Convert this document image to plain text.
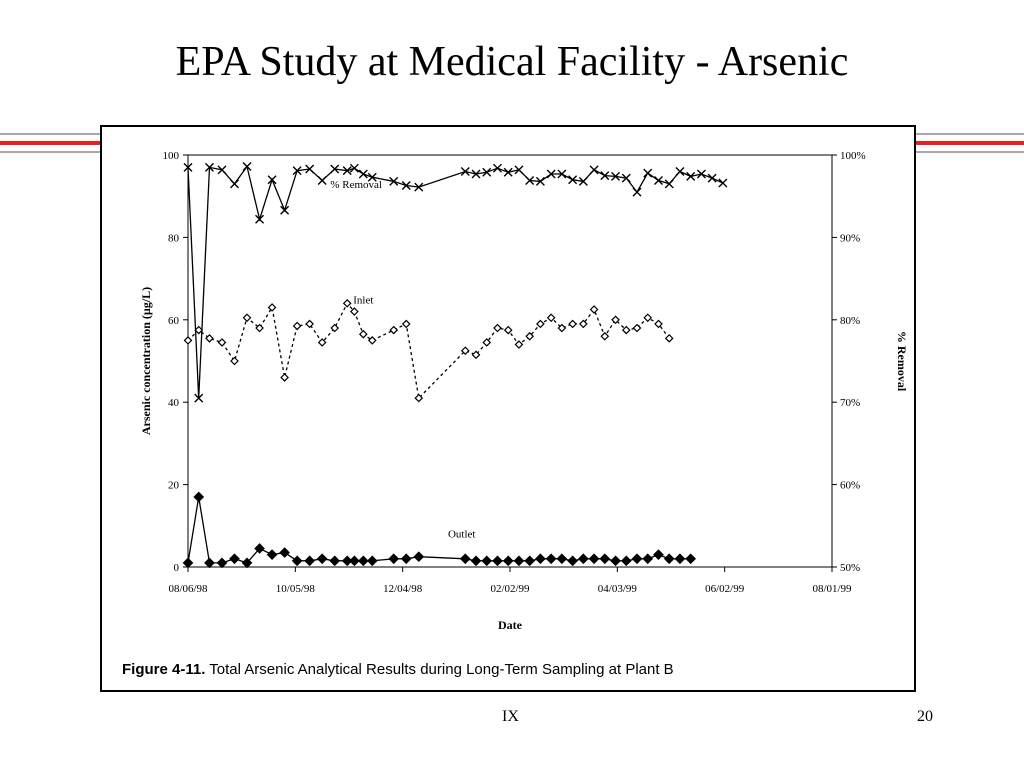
EPA Study at Medical Facility - Arsenic
0
20
40
60
80
100
50%
60%
70%
80%
90%
100%
08/06/98	10/05/98	12/04/98	02/02/99	04/03/99	06/02/99	08/01/99
Date
Arsenic concentration (µg/L)	% Removal
% Removal
Inlet
Outlet
Figure 4-11. Total Arsenic Analytical Results during Long-Term Sampling at Plant B
IX	20
